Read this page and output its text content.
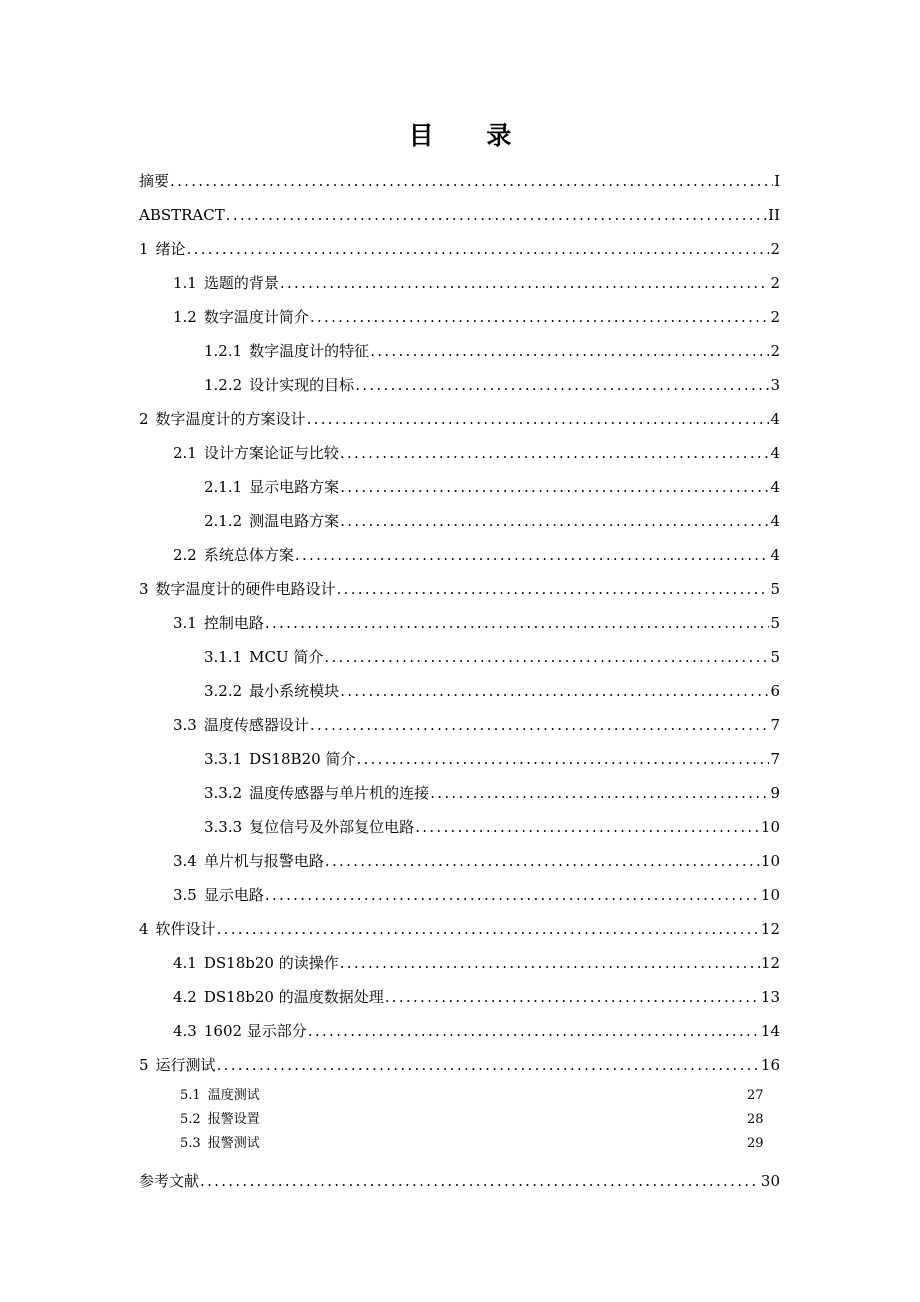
目 录
摘要 .....	I
ABSTRACT .....	II
1 绪论 .....	2
1.1 选题的背景 .....	2
1.2 数字温度计简介 .....	2
1.2.1 数字温度计的特征 .....	2
1.2.2 设计实现的目标 .....	3
2 数字温度计的方案设计 .....	4
2.1 设计方案论证与比较 .....	4
2.1.1 显示电路方案 .....	4
2.1.2 测温电路方案 .....	4
2.2 系统总体方案 .....	4
3 数字温度计的硬件电路设计 .....	5
3.1 控制电路 .....	5
3.1.1 MCU 简介 .....	5
3.2.2 最小系统模块 .....	6
3.3 温度传感器设计 .....	7
3.3.1 DS18B20 简介 .....	7
3.3.2 温度传感器与单片机的连接 .....	9
3.3.3 复位信号及外部复位电路 .....	10
3.4 单片机与报警电路 .....	10
3.5 显示电路 .....	10
4 软件设计 .....	12
4.1 DS18b20 的读操作 .....	12
4.2 DS18b20 的温度数据处理 .....	13
4.3 1602 显示部分 .....	14
5 运行测试 .....	16
5.1 温度测试	27
5.2 报警设置	28
5.3 报警测试	29
参考文献 .....	30
